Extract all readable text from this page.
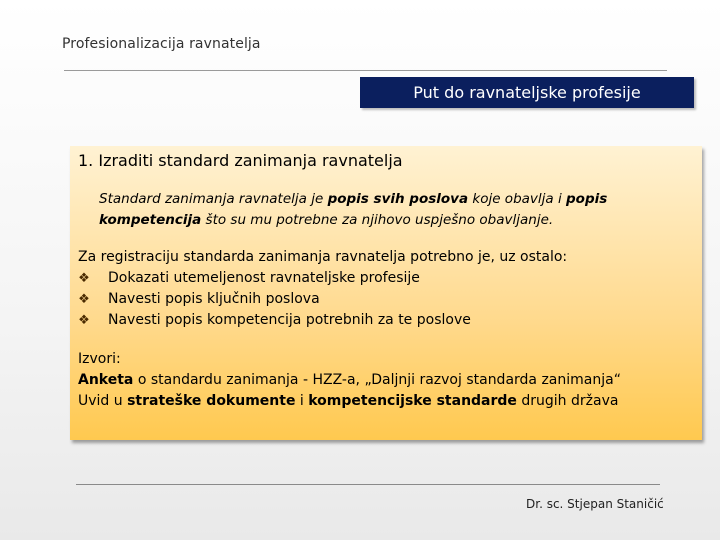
Profesionalizacija ravnatelja
Put do ravnateljske profesije
1. Izraditi standard zanimanja ravnatelja
Standard zanimanja ravnatelja je popis svih poslova koje obavlja i popis kompetencija što su mu potrebne za njihovo uspješno obavljanje.
Za registraciju standarda zanimanja ravnatelja potrebno je, uz ostalo:
❖ Dokazati utemeljenost ravnateljske profesije
❖ Navesti popis ključnih poslova
❖ Navesti popis kompetencija potrebnih za te poslove
Izvori:
Anketa o standardu zanimanja - HZZ-a, „Daljnji razvoj standarda zanimanja“
Uvid u strateške dokumente i kompetencijske standarde drugih država
Dr. sc. Stjepan Staničić
